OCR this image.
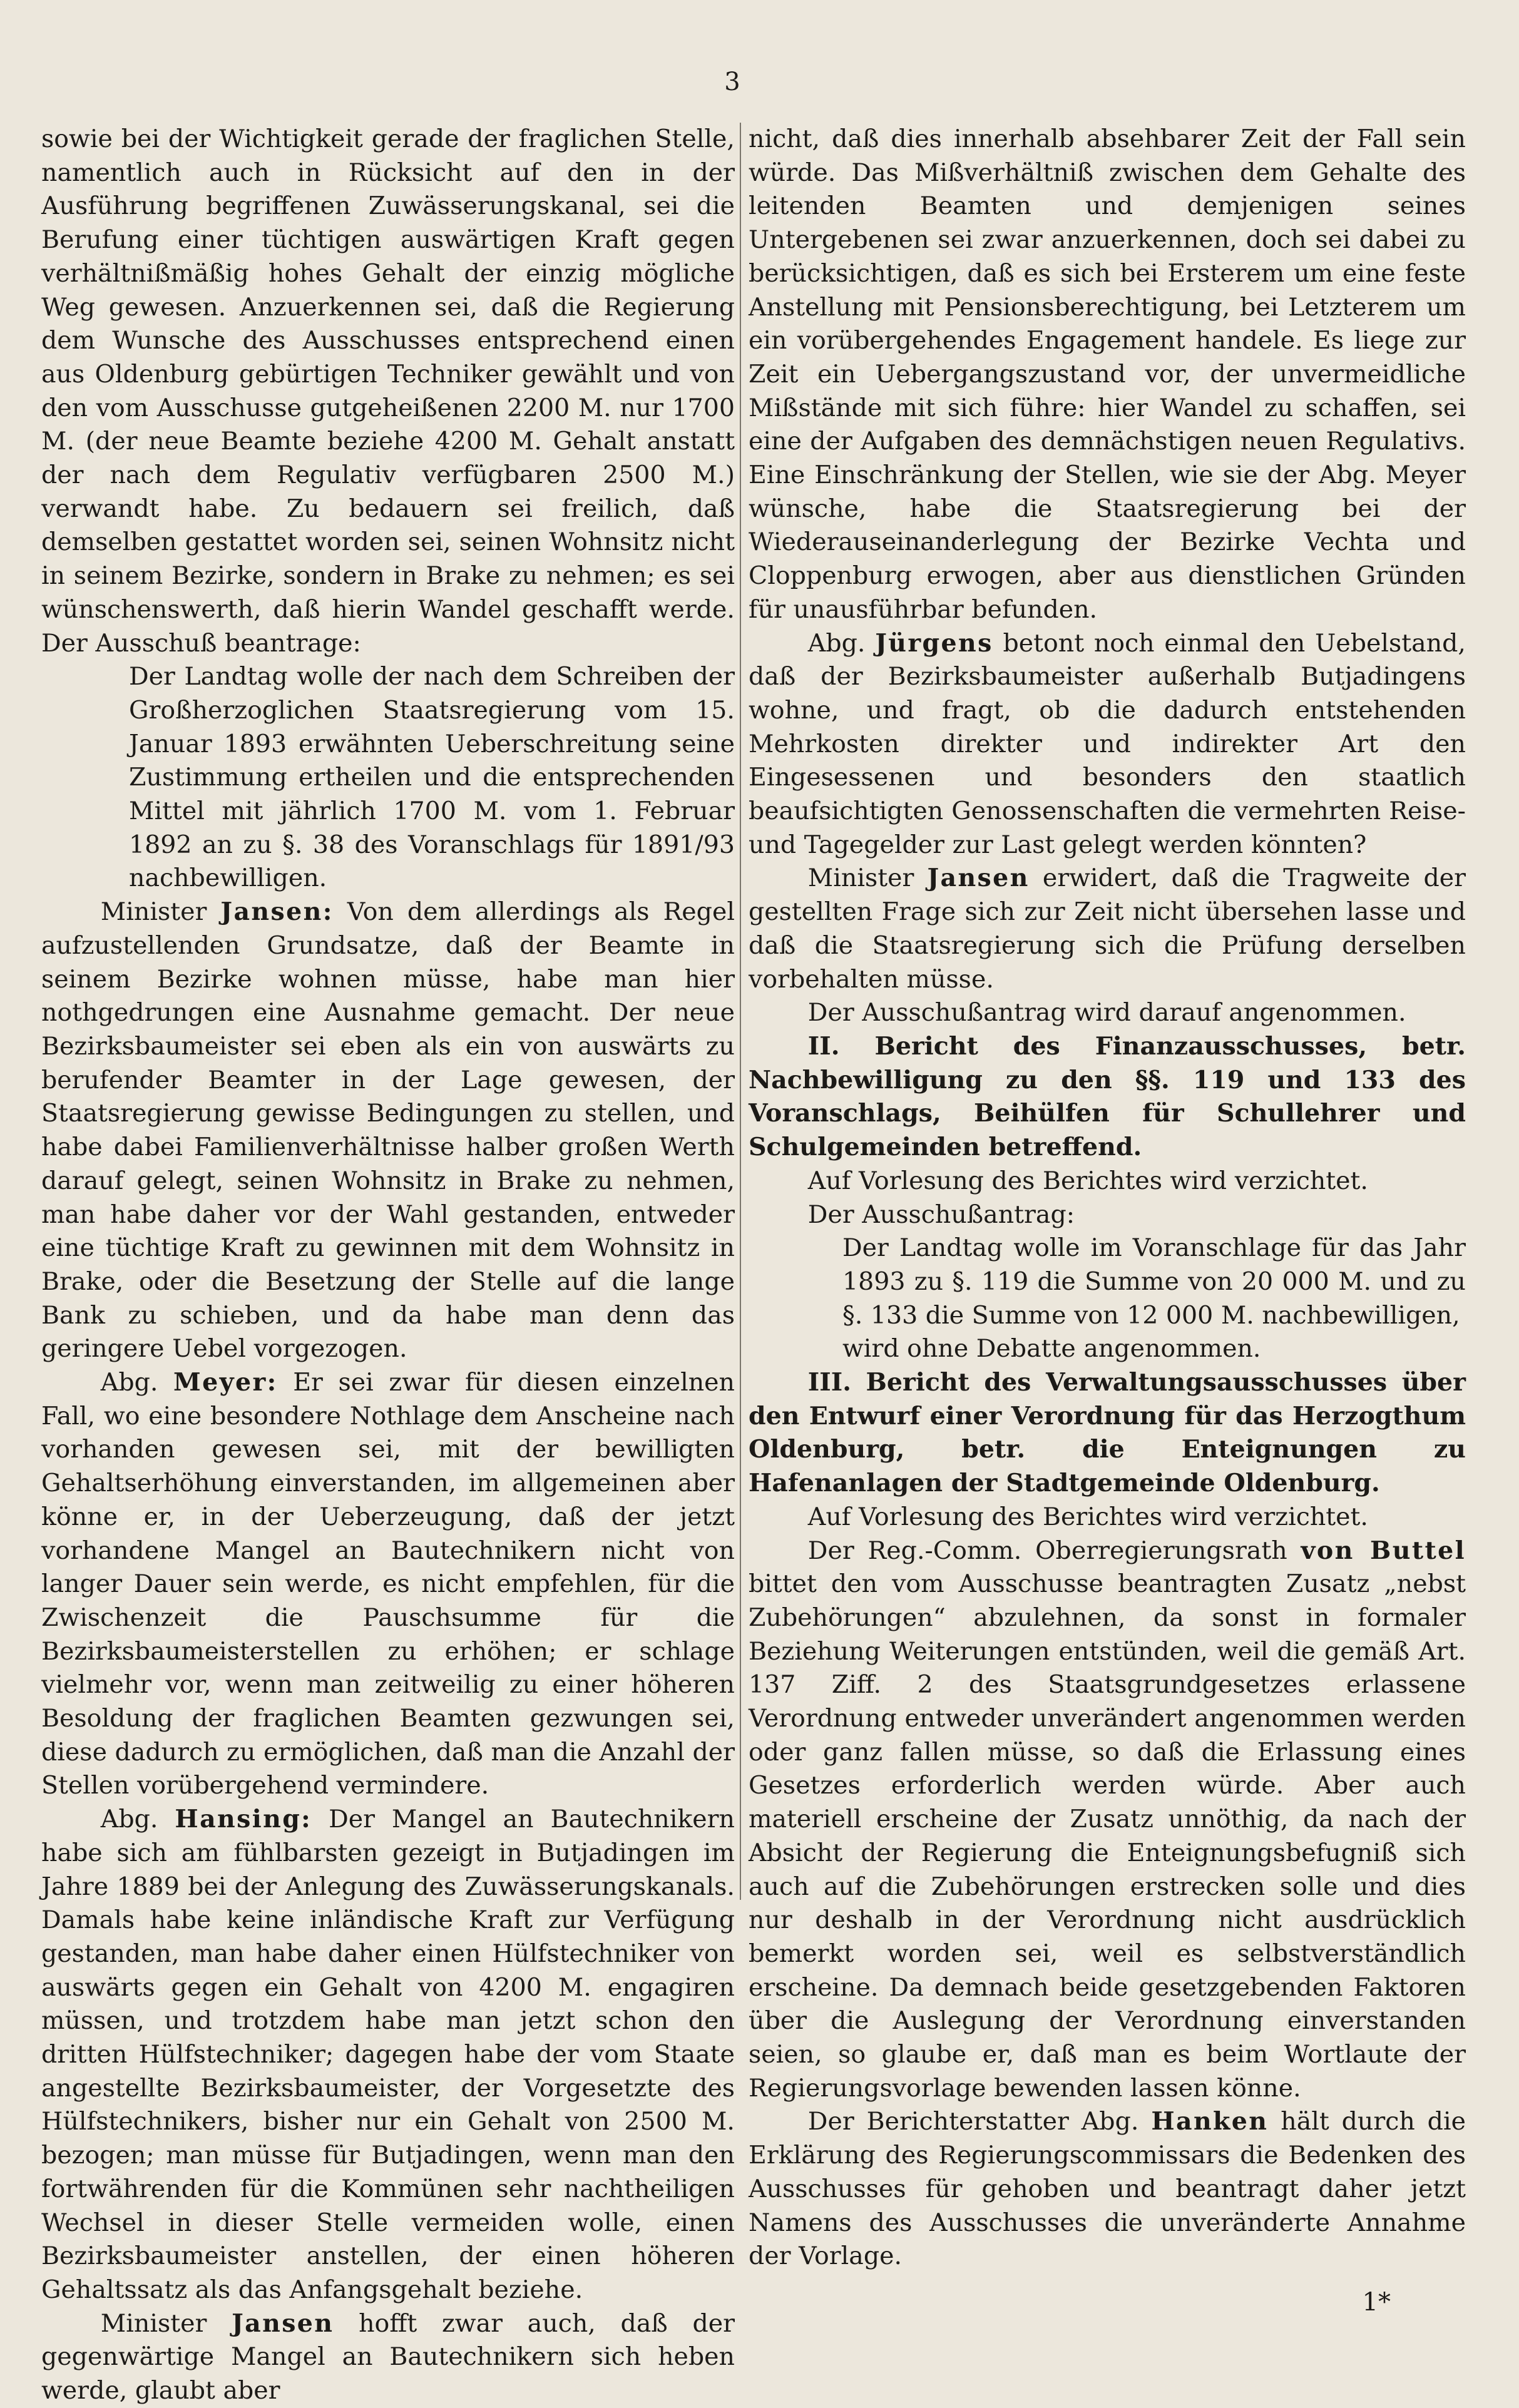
3

sowie bei der Wichtigkeit gerade der fraglichen Stelle, namentlich auch in Rücksicht auf den in der Ausführung begriffenen Zuwässerungskanal, sei die Berufung einer tüchtigen auswärtigen Kraft gegen verhältnißmäßig hohes Gehalt der einzig mögliche Weg gewesen. Anzuerkennen sei, daß die Regierung dem Wunsche des Ausschusses entsprechend einen aus Oldenburg gebürtigen Techniker gewählt und von den vom Ausschusse gutgeheißenen 2200 M. nur 1700 M. (der neue Beamte beziehe 4200 M. Gehalt anstatt der nach dem Regulativ verfügbaren 2500 M.) verwandt habe. Zu bedauern sei freilich, daß demselben gestattet worden sei, seinen Wohnsitz nicht in seinem Bezirke, sondern in Brake zu nehmen; es sei wünschenswerth, daß hierin Wandel geschafft werde. Der Ausschuß beantrage:

Der Landtag wolle der nach dem Schreiben der Großherzoglichen Staatsregierung vom 15. Januar 1893 erwähnten Ueberschreitung seine Zustimmung ertheilen und die entsprechenden Mittel mit jährlich 1700 M. vom 1. Februar 1892 an zu §. 38 des Voranschlags für 1891/93 nachbewilligen.

Minister Jansen: Von dem allerdings als Regel aufzustellenden Grundsatze, daß der Beamte in seinem Bezirke wohnen müsse, habe man hier nothgedrungen eine Ausnahme gemacht. Der neue Bezirksbaumeister sei eben als ein von auswärts zu berufender Beamter in der Lage gewesen, der Staatsregierung gewisse Bedingungen zu stellen, und habe dabei Familienverhältnisse halber großen Werth darauf gelegt, seinen Wohnsitz in Brake zu nehmen, man habe daher vor der Wahl gestanden, entweder eine tüchtige Kraft zu gewinnen mit dem Wohnsitz in Brake, oder die Besetzung der Stelle auf die lange Bank zu schieben, und da habe man denn das geringere Uebel vorgezogen.

Abg. Meyer: Er sei zwar für diesen einzelnen Fall, wo eine besondere Nothlage dem Anscheine nach vorhanden gewesen sei, mit der bewilligten Gehaltserhöhung einverstanden, im allgemeinen aber könne er, in der Ueberzeugung, daß der jetzt vorhandene Mangel an Bautechnikern nicht von langer Dauer sein werde, es nicht empfehlen, für die Zwischenzeit die Pauschsumme für die Bezirksbaumeisterstellen zu erhöhen; er schlage vielmehr vor, wenn man zeitweilig zu einer höheren Besoldung der fraglichen Beamten gezwungen sei, diese dadurch zu ermöglichen, daß man die Anzahl der Stellen vorübergehend vermindere.

Abg. Hansing: Der Mangel an Bautechnikern habe sich am fühlbarsten gezeigt in Butjadingen im Jahre 1889 bei der Anlegung des Zuwässerungskanals. Damals habe keine inländische Kraft zur Verfügung gestanden, man habe daher einen Hülfstechniker von auswärts gegen ein Gehalt von 4200 M. engagiren müssen, und trotzdem habe man jetzt schon den dritten Hülfstechniker; dagegen habe der vom Staate angestellte Bezirksbaumeister, der Vorgesetzte des Hülfstechnikers, bisher nur ein Gehalt von 2500 M. bezogen; man müsse für Butjadingen, wenn man den fortwährenden für die Kommünen sehr nachtheiligen Wechsel in dieser Stelle vermeiden wolle, einen Bezirksbaumeister anstellen, der einen höheren Gehaltssatz als das Anfangsgehalt beziehe.

Minister Jansen hofft zwar auch, daß der gegenwärtige Mangel an Bautechnikern sich heben werde, glaubt aber

nicht, daß dies innerhalb absehbarer Zeit der Fall sein würde. Das Mißverhältniß zwischen dem Gehalte des leitenden Beamten und demjenigen seines Untergebenen sei zwar anzuerkennen, doch sei dabei zu berücksichtigen, daß es sich bei Ersterem um eine feste Anstellung mit Pensionsberechtigung, bei Letzterem um ein vorübergehendes Engagement handele. Es liege zur Zeit ein Uebergangszustand vor, der unvermeidliche Mißstände mit sich führe: hier Wandel zu schaffen, sei eine der Aufgaben des demnächstigen neuen Regulativs. Eine Einschränkung der Stellen, wie sie der Abg. Meyer wünsche, habe die Staatsregierung bei der Wiederauseinanderlegung der Bezirke Vechta und Cloppenburg erwogen, aber aus dienstlichen Gründen für unausführbar befunden.

Abg. Jürgens betont noch einmal den Uebelstand, daß der Bezirksbaumeister außerhalb Butjadingens wohne, und fragt, ob die dadurch entstehenden Mehrkosten direkter und indirekter Art den Eingesessenen und besonders den staatlich beaufsichtigten Genossenschaften die vermehrten Reise- und Tagegelder zur Last gelegt werden könnten?

Minister Jansen erwidert, daß die Tragweite der gestellten Frage sich zur Zeit nicht übersehen lasse und daß die Staatsregierung sich die Prüfung derselben vorbehalten müsse.

Der Ausschußantrag wird darauf angenommen.

II. Bericht des Finanzausschusses, betr. Nachbewilligung zu den §§. 119 und 133 des Voranschlags, Beihülfen für Schullehrer und Schulgemeinden betreffend.

Auf Vorlesung des Berichtes wird verzichtet.

Der Ausschußantrag:

Der Landtag wolle im Voranschlage für das Jahr 1893 zu §. 119 die Summe von 20 000 M. und zu §. 133 die Summe von 12 000 M. nachbewilligen,

wird ohne Debatte angenommen.

III. Bericht des Verwaltungsausschusses über den Entwurf einer Verordnung für das Herzogthum Oldenburg, betr. die Enteignungen zu Hafenanlagen der Stadtgemeinde Oldenburg.

Auf Vorlesung des Berichtes wird verzichtet.

Der Reg.-Comm. Oberregierungsrath von Buttel bittet den vom Ausschusse beantragten Zusatz „nebst Zubehörungen“ abzulehnen, da sonst in formaler Beziehung Weiterungen entstünden, weil die gemäß Art. 137 Ziff. 2 des Staatsgrundgesetzes erlassene Verordnung entweder unverändert angenommen werden oder ganz fallen müsse, so daß die Erlassung eines Gesetzes erforderlich werden würde. Aber auch materiell erscheine der Zusatz unnöthig, da nach der Absicht der Regierung die Enteignungsbefugniß sich auch auf die Zubehörungen erstrecken solle und dies nur deshalb in der Verordnung nicht ausdrücklich bemerkt worden sei, weil es selbstverständlich erscheine. Da demnach beide gesetzgebenden Faktoren über die Auslegung der Verordnung einverstanden seien, so glaube er, daß man es beim Wortlaute der Regierungsvorlage bewenden lassen könne.

Der Berichterstatter Abg. Hanken hält durch die Erklärung des Regierungscommissars die Bedenken des Ausschusses für gehoben und beantragt daher jetzt Namens des Ausschusses die unveränderte Annahme der Vorlage.

1*
